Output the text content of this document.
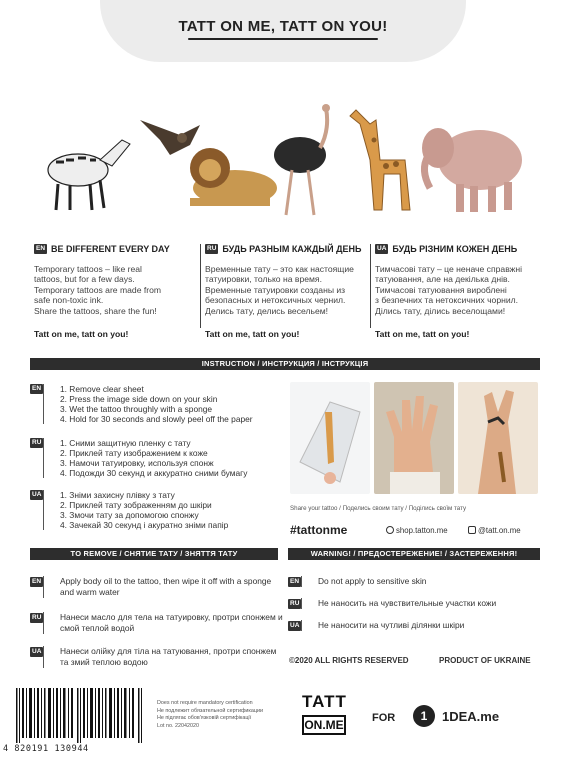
TATT ON ME, TATT ON YOU!
EN BE DIFFERENT EVERY DAY
Temporary tattoos – like real
tattoos, but for a few days.
Temporary tattoos are made from
safe non-toxic ink.
Share the tattoos, share the fun!
Tatt on me, tatt on you!
RU БУДЬ РАЗНЫМ КАЖДЫЙ ДЕНЬ
Временные тату – это как настоящие
татуировки, только на время.
Временные татуировки созданы из
безопасных и нетоксичных чернил.
Делись тату, делись весельем!
Tatt on me, tatt on you!
UA БУДЬ РІЗНИМ КОЖЕН ДЕНЬ
Тимчасові тату – це неначе справжні
татуювання, але на декілька днів.
Тимчасові татуювання вироблені
з безпечних та нетоксичних чорнил.
Ділись тату, ділись веселощами!
Tatt on me, tatt on you!
INSTRUCTION / ИНСТРУКЦИЯ / ІНСТРУКЦІЯ
EN 1. Remove clear sheet
2. Press the image side down on your skin
3. Wet the tattoo throughly with a sponge
4. Hold for 30 seconds and slowly peel off the paper
RU 1. Сними защитную пленку с тату
2. Приклей тату изображением к коже
3. Намочи татуировку, используя спонж
4. Подожди 30 секунд и аккуратно сними бумагу
UA 1. Зніми захисну плівку з тату
2. Приклей тату зображенням до шкіри
3. Змочи тату за допомогою спонжу
4. Зачекай 30 секунд і акуратно зніми папір
Share your tattoo / Поделись своим тату / Подiлись своїм тату
#tattonme	shop.tatton.me	@tatt.on.me
TO REMOVE / СНЯТИЕ ТАТУ / ЗНЯТТЯ ТАТУ	WARNING! / ПРЕДОСТЕРЕЖЕНИЕ! / ЗАСТЕРЕЖЕННЯ!
EN	Apply body oil to the tattoo, then wipe it off with a sponge and warm water

RU	Нанеси масло для тела на татуировку, протри спонжем и смой теплой водой

UA	Нанеси олійку для тіла на татуювання, протри спонжем та змий теплою водою

EN	Do not apply to sensitive skin

RU	Не наносить на чувствительные участки кожи

UA	Не наносити на чутливі ділянки шкіри

©2020 ALL RIGHTS RESERVED	PRODUCT OF UKRAINE
4 820191 130944
Does not require mandatory certification
Не подлежит обязательной сертификации
Не підлягає обов'язковій сертифікації
Lot no. 22042020
TATT
ON.ME	FOR	1	1DEA.me
